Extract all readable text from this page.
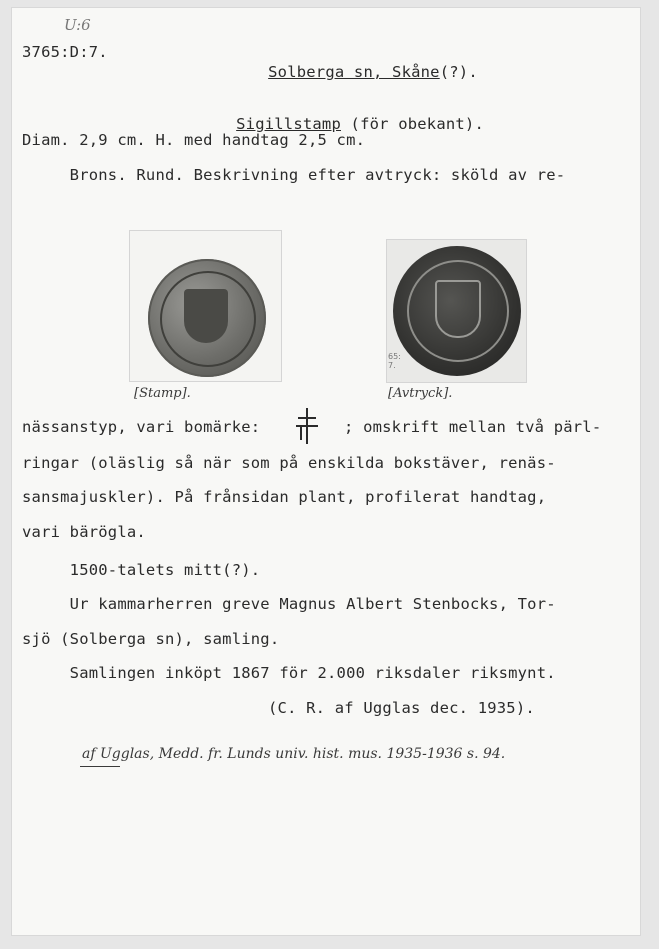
U:6
3765:D:7.

Solberga sn, Skåne(?).

Sigillstamp (för obekant).

Diam. 2,9 cm. H. med handtag 2,5 cm.
Brons. Rund. Beskrivning efter avtryck: sköld av re-
65:
7.
[Stamp].	[Avtryck].
nässanstyp, vari bomärke:	; omskrift mellan två pärl-
ringar (oläslig så när som på enskilda bokstäver, renäs-
sansmajuskler). På frånsidan plant, profilerat handtag,
vari bärögla.
1500-talets mitt(?).
Ur kammarherren greve Magnus Albert Stenbocks, Tor-
sjö (Solberga sn), samling.
Samlingen inköpt 1867 för 2.000 riksdaler riksmynt.
(C. R. af Ugglas dec. 1935).
af Ugglas, Medd. fr. Lunds univ. hist. mus. 1935-1936 s. 94.
